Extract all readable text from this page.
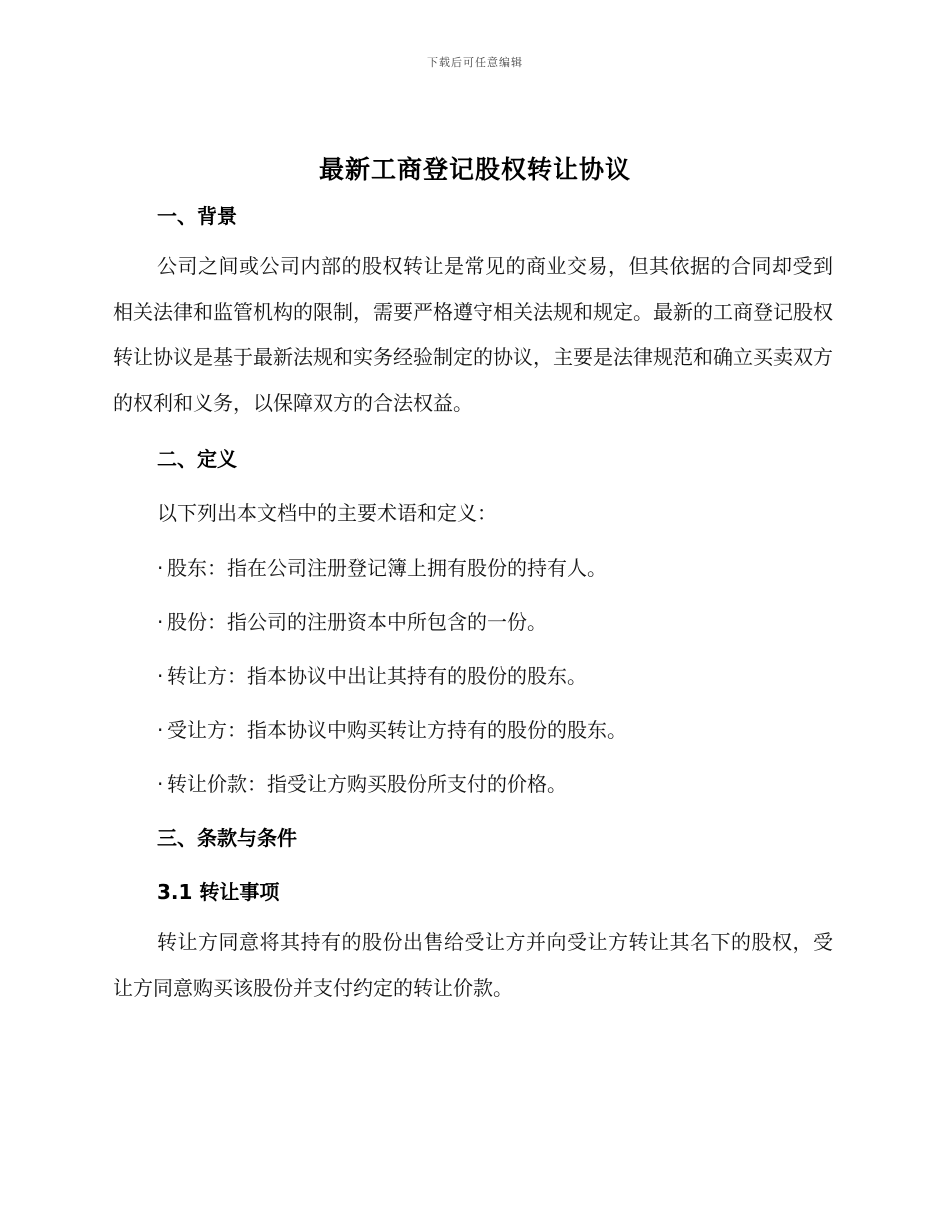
下载后可任意编辑
最新工商登记股权转让协议
一、背景
公司之间或公司内部的股权转让是常见的商业交易，但其依据的合同却受到相关法律和监管机构的限制，需要严格遵守相关法规和规定。最新的工商登记股权转让协议是基于最新法规和实务经验制定的协议，主要是法律规范和确立买卖双方的权利和义务，以保障双方的合法权益。
二、定义
以下列出本文档中的主要术语和定义：
· 股东：指在公司注册登记簿上拥有股份的持有人。
· 股份：指公司的注册资本中所包含的一份。
· 转让方：指本协议中出让其持有的股份的股东。
· 受让方：指本协议中购买转让方持有的股份的股东。
· 转让价款：指受让方购买股份所支付的价格。
三、条款与条件
3.1 转让事项
转让方同意将其持有的股份出售给受让方并向受让方转让其名下的股权，受让方同意购买该股份并支付约定的转让价款。
